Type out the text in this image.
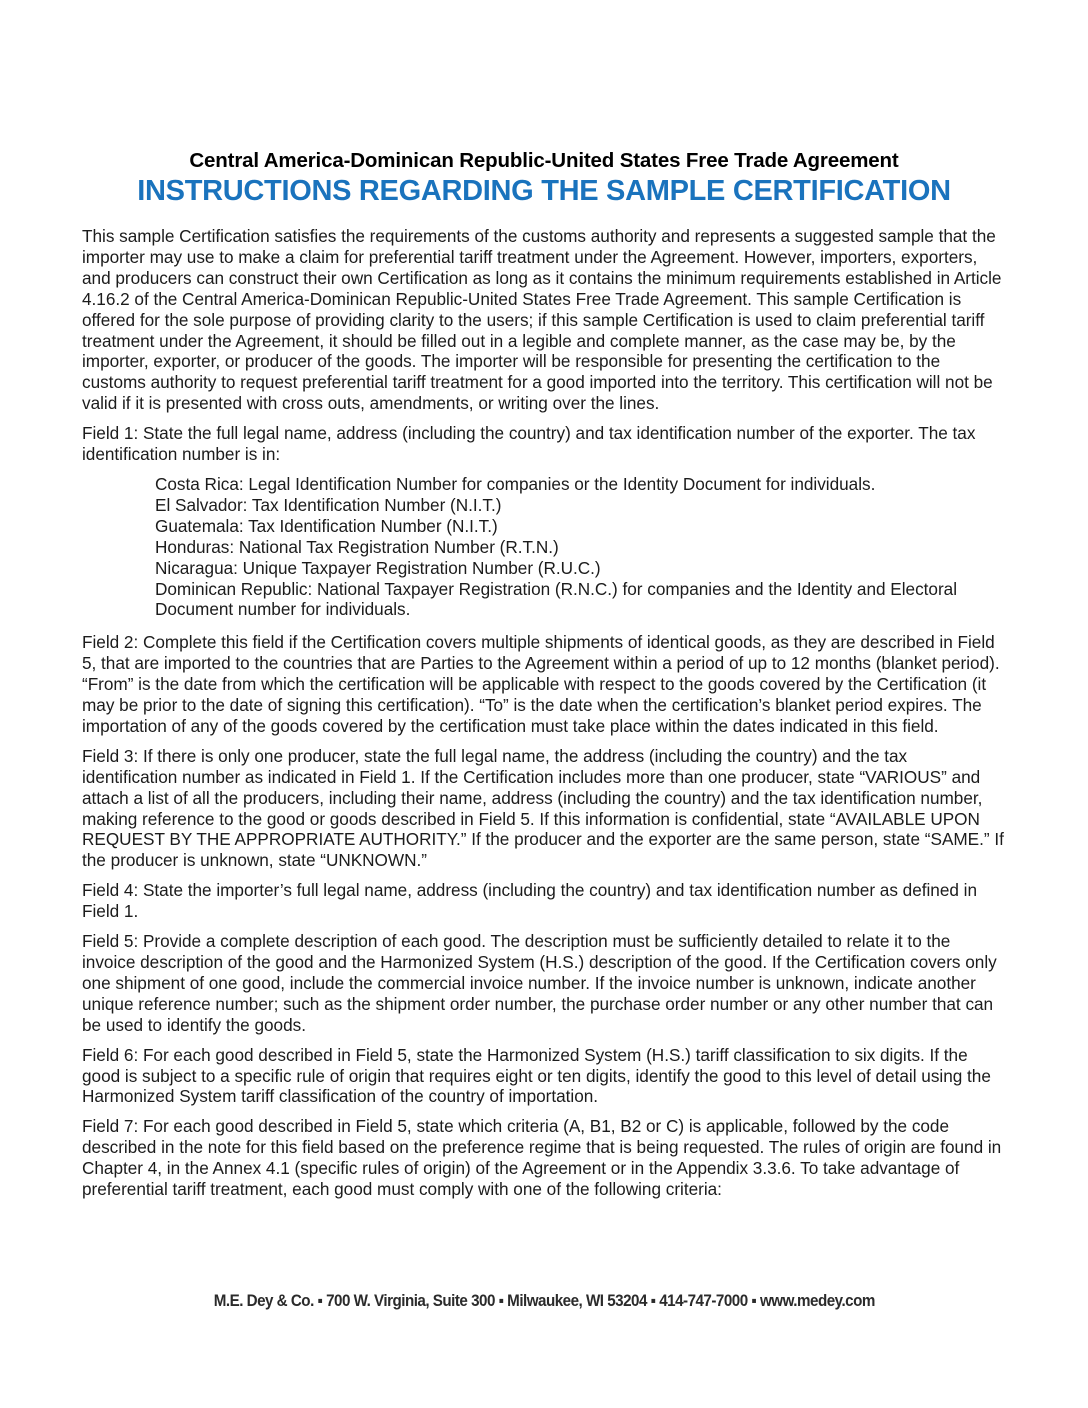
Central America-Dominican Republic-United States Free Trade Agreement
INSTRUCTIONS REGARDING THE SAMPLE CERTIFICATION

This sample Certification satisfies the requirements of the customs authority and represents a suggested sample that the importer may use to make a claim for preferential tariff treatment under the Agreement. However, importers, exporters, and producers can construct their own Certification as long as it contains the minimum requirements established in Article 4.16.2 of the Central America-Dominican Republic-United States Free Trade Agreement. This sample Certification is offered for the sole purpose of providing clarity to the users; if this sample Certification is used to claim preferential tariff treatment under the Agreement, it should be filled out in a legible and complete manner, as the case may be, by the importer, exporter, or producer of the goods. The importer will be responsible for presenting the certification to the customs authority to request preferential tariff treatment for a good imported into the territory. This certification will not be valid if it is presented with cross outs, amendments, or writing over the lines.

Field 1: State the full legal name, address (including the country) and tax identification number of the exporter. The tax identification number is in:

Costa Rica: Legal Identification Number for companies or the Identity Document for individuals.
El Salvador: Tax Identification Number (N.I.T.)
Guatemala: Tax Identification Number (N.I.T.)
Honduras: National Tax Registration Number (R.T.N.)
Nicaragua: Unique Taxpayer Registration Number (R.U.C.)
Dominican Republic: National Taxpayer Registration (R.N.C.) for companies and the Identity and Electoral Document number for individuals.

Field 2: Complete this field if the Certification covers multiple shipments of identical goods, as they are described in Field 5, that are imported to the countries that are Parties to the Agreement within a period of up to 12 months (blanket period). “From” is the date from which the certification will be applicable with respect to the goods covered by the Certification (it may be prior to the date of signing this certification). “To” is the date when the certification’s blanket period expires. The importation of any of the goods covered by the certification must take place within the dates indicated in this field.

Field 3: If there is only one producer, state the full legal name, the address (including the country) and the tax identification number as indicated in Field 1. If the Certification includes more than one producer, state “VARIOUS” and attach a list of all the producers, including their name, address (including the country) and the tax identification number, making reference to the good or goods described in Field 5. If this information is confidential, state “AVAILABLE UPON REQUEST BY THE APPROPRIATE AUTHORITY.” If the producer and the exporter are the same person, state “SAME.” If the producer is unknown, state “UNKNOWN.”

Field 4: State the importer’s full legal name, address (including the country) and tax identification number as defined in Field 1.

Field 5: Provide a complete description of each good. The description must be sufficiently detailed to relate it to the invoice description of the good and the Harmonized System (H.S.) description of the good. If the Certification covers only one shipment of one good, include the commercial invoice number. If the invoice number is unknown, indicate another unique reference number; such as the shipment order number, the purchase order number or any other number that can be used to identify the goods.

Field 6: For each good described in Field 5, state the Harmonized System (H.S.) tariff classification to six digits. If the good is subject to a specific rule of origin that requires eight or ten digits, identify the good to this level of detail using the Harmonized System tariff classification of the country of importation.

Field 7: For each good described in Field 5, state which criteria (A, B1, B2 or C) is applicable, followed by the code described in the note for this field based on the preference regime that is being requested. The rules of origin are found in Chapter 4, in the Annex 4.1 (specific rules of origin) of the Agreement or in the Appendix 3.3.6. To take advantage of preferential tariff treatment, each good must comply with one of the following criteria:

M.E. Dey & Co. ▪ 700 W. Virginia, Suite 300 ▪ Milwaukee, WI 53204 ▪ 414-747-7000 ▪ www.medey.com
